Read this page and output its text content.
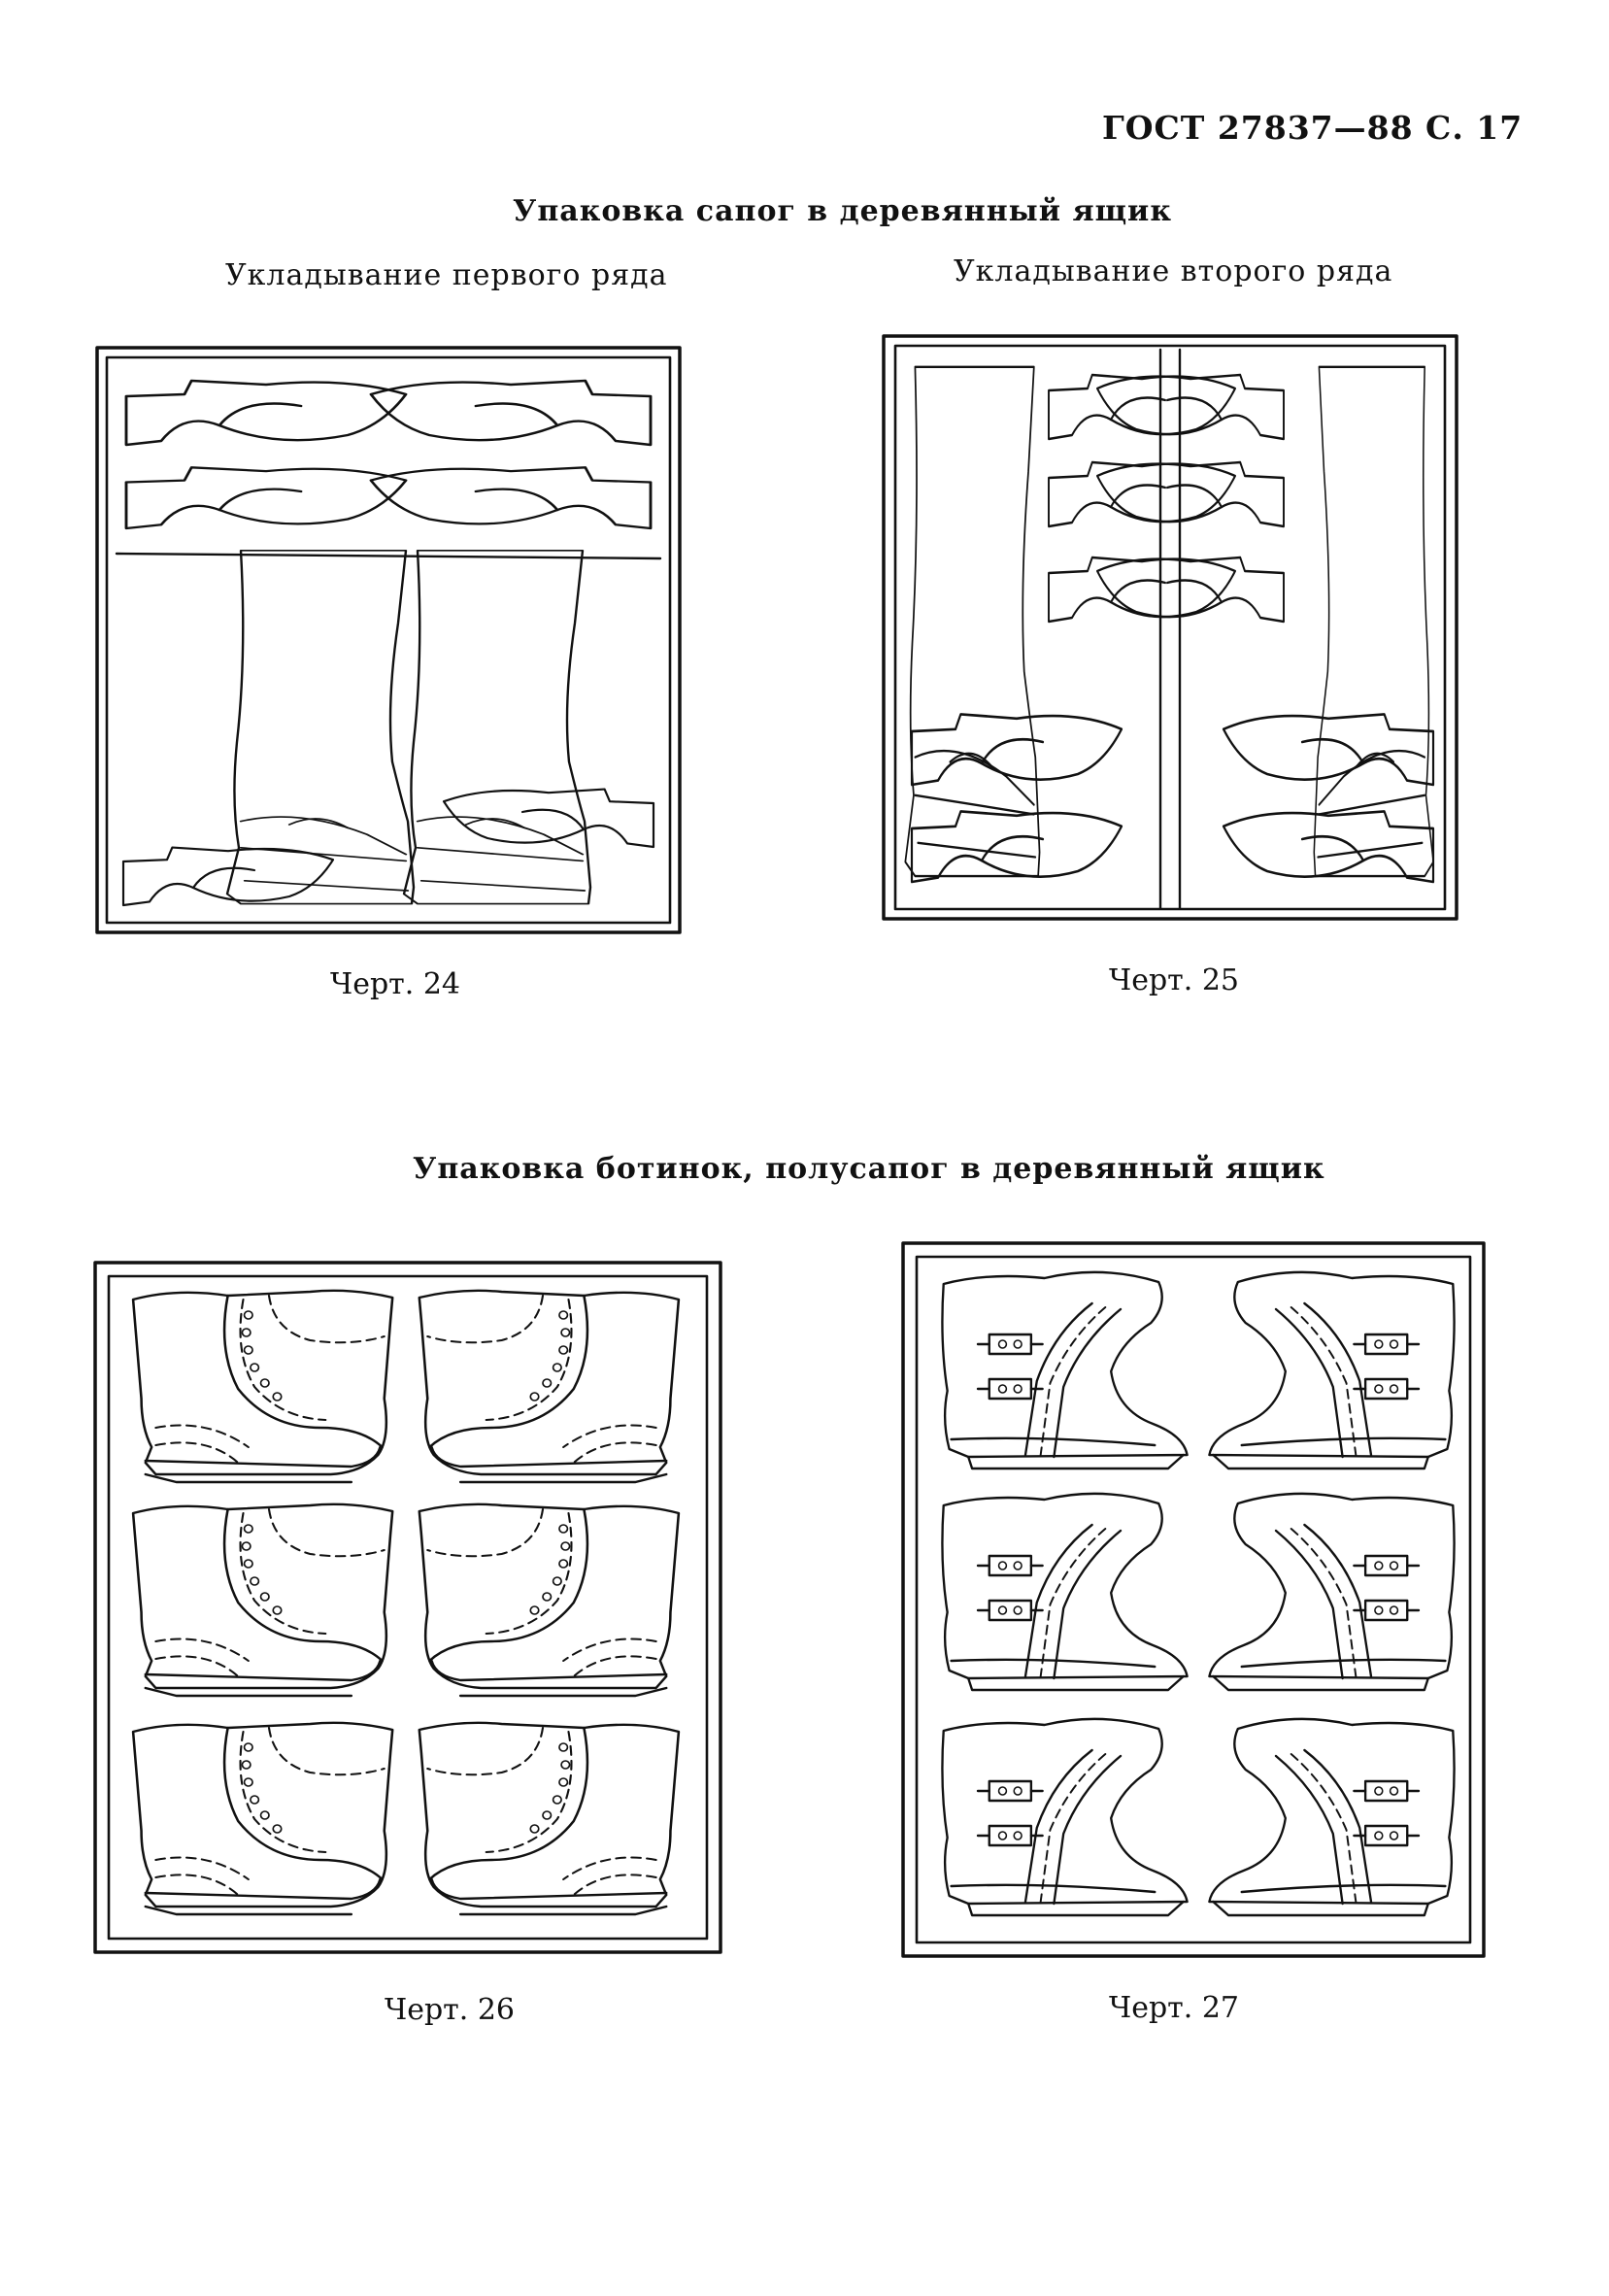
ГОСТ 27837—88 С. 17
Упаковка сапог в деревянный ящик
Укладывание первого ряда	Укладывание второго ряда
Черт. 24	Черт. 25
Упаковка ботинок, полусапог в деревянный ящик
Черт. 26	Черт. 27
